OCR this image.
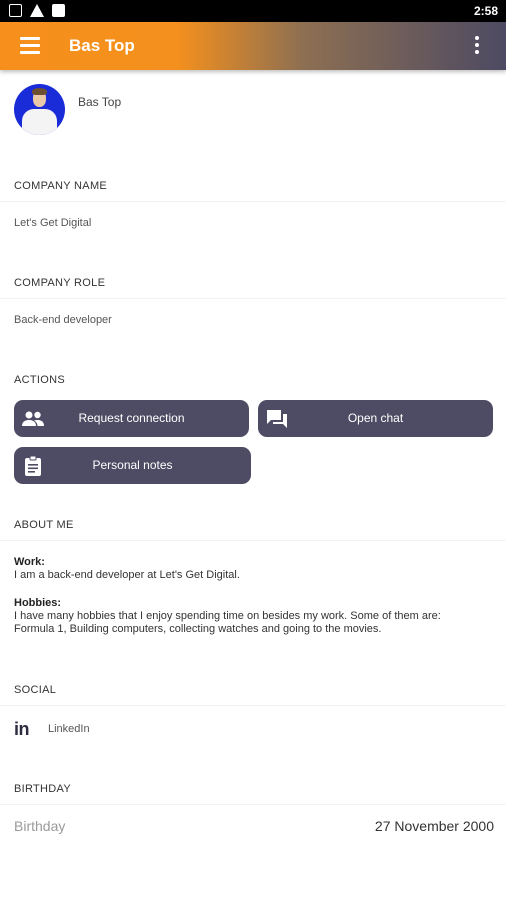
2:58
Bas Top
Bas Top
COMPANY NAME
Let's Get Digital
COMPANY ROLE
Back-end developer
ACTIONS
Request connection	Open chat
Personal notes
ABOUT ME
Work:
I am a back-end developer at Let's Get Digital.
Hobbies:
I have many hobbies that I enjoy spending time on besides my work. Some of them are:
Formula 1, Building computers, collecting watches and going to the movies.
SOCIAL
in LinkedIn
BIRTHDAY
Birthday	27 November 2000
